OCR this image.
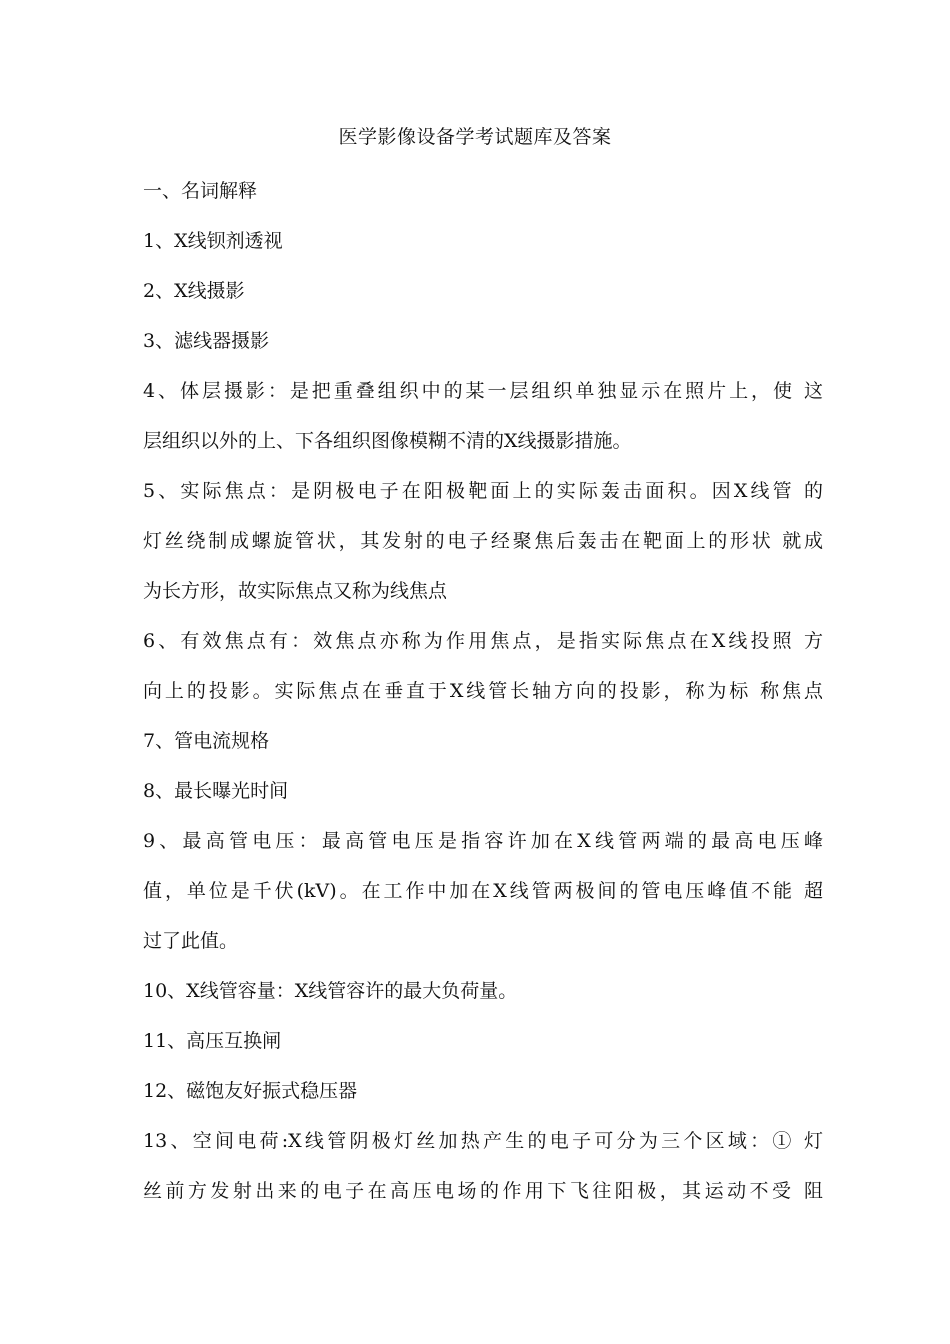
医学影像设备学考试题库及答案
一、名词解释
1、X线钡剂透视
2、X线摄影
3、滤线器摄影
4、体层摄影：是把重叠组织中的某一层组织单独显示在照片上，使 这
层组织以外的上、下各组织图像模糊不清的X线摄影措施。
5、实际焦点：是阴极电子在阳极靶面上的实际轰击面积。因X线管 的
灯丝绕制成螺旋管状，其发射的电子经聚焦后轰击在靶面上的形状 就成
为长方形，故实际焦点又称为线焦点
6、有效焦点有：效焦点亦称为作用焦点，是指实际焦点在X线投照 方
向上的投影。实际焦点在垂直于X线管长轴方向的投影，称为标 称焦点
7、管电流规格
8、最长曝光时间
9、最高管电压：最高管电压是指容许加在X线管两端的最高电压峰
值，单位是千伏(kV)。在工作中加在X线管两极间的管电压峰值不能 超
过了此值。
10、X线管容量：X线管容许的最大负荷量。
11、高压互换闸
12、磁饱友好振式稳压器
13、空间电荷:X线管阴极灯丝加热产生的电子可分为三个区域：① 灯
丝前方发射出来的电子在高压电场的作用下飞往阳极，其运动不受 阻
